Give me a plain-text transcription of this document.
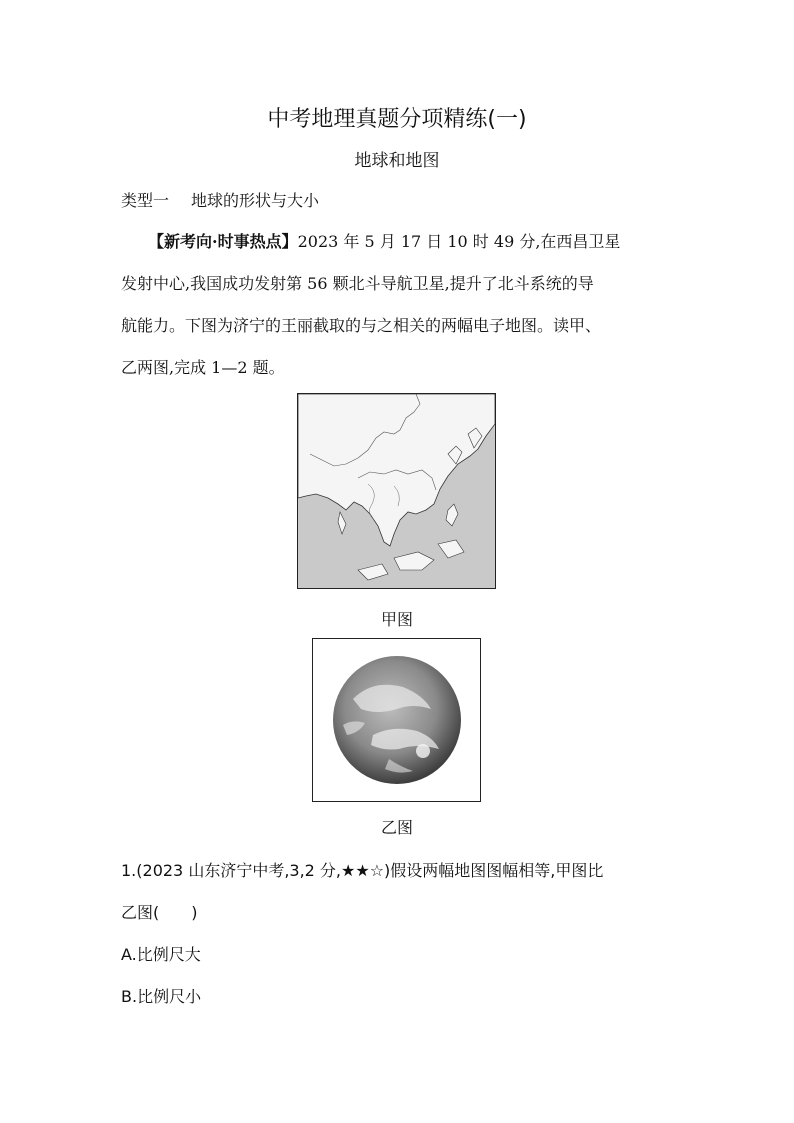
中考地理真题分项精练(一)
地球和地图
类型一 地球的形状与大小
【新考向·时事热点】2023 年 5 月 17 日 10 时 49 分,在西昌卫星
发射中心,我国成功发射第 56 颗北斗导航卫星,提升了北斗系统的导
航能力。下图为济宁的王丽截取的与之相关的两幅电子地图。读甲、
乙两图,完成 1—2 题。
甲图
乙图
1.(2023 山东济宁中考,3,2 分,★★☆)假设两幅地图图幅相等,甲图比
乙图(　　)
A.比例尺大
B.比例尺小
